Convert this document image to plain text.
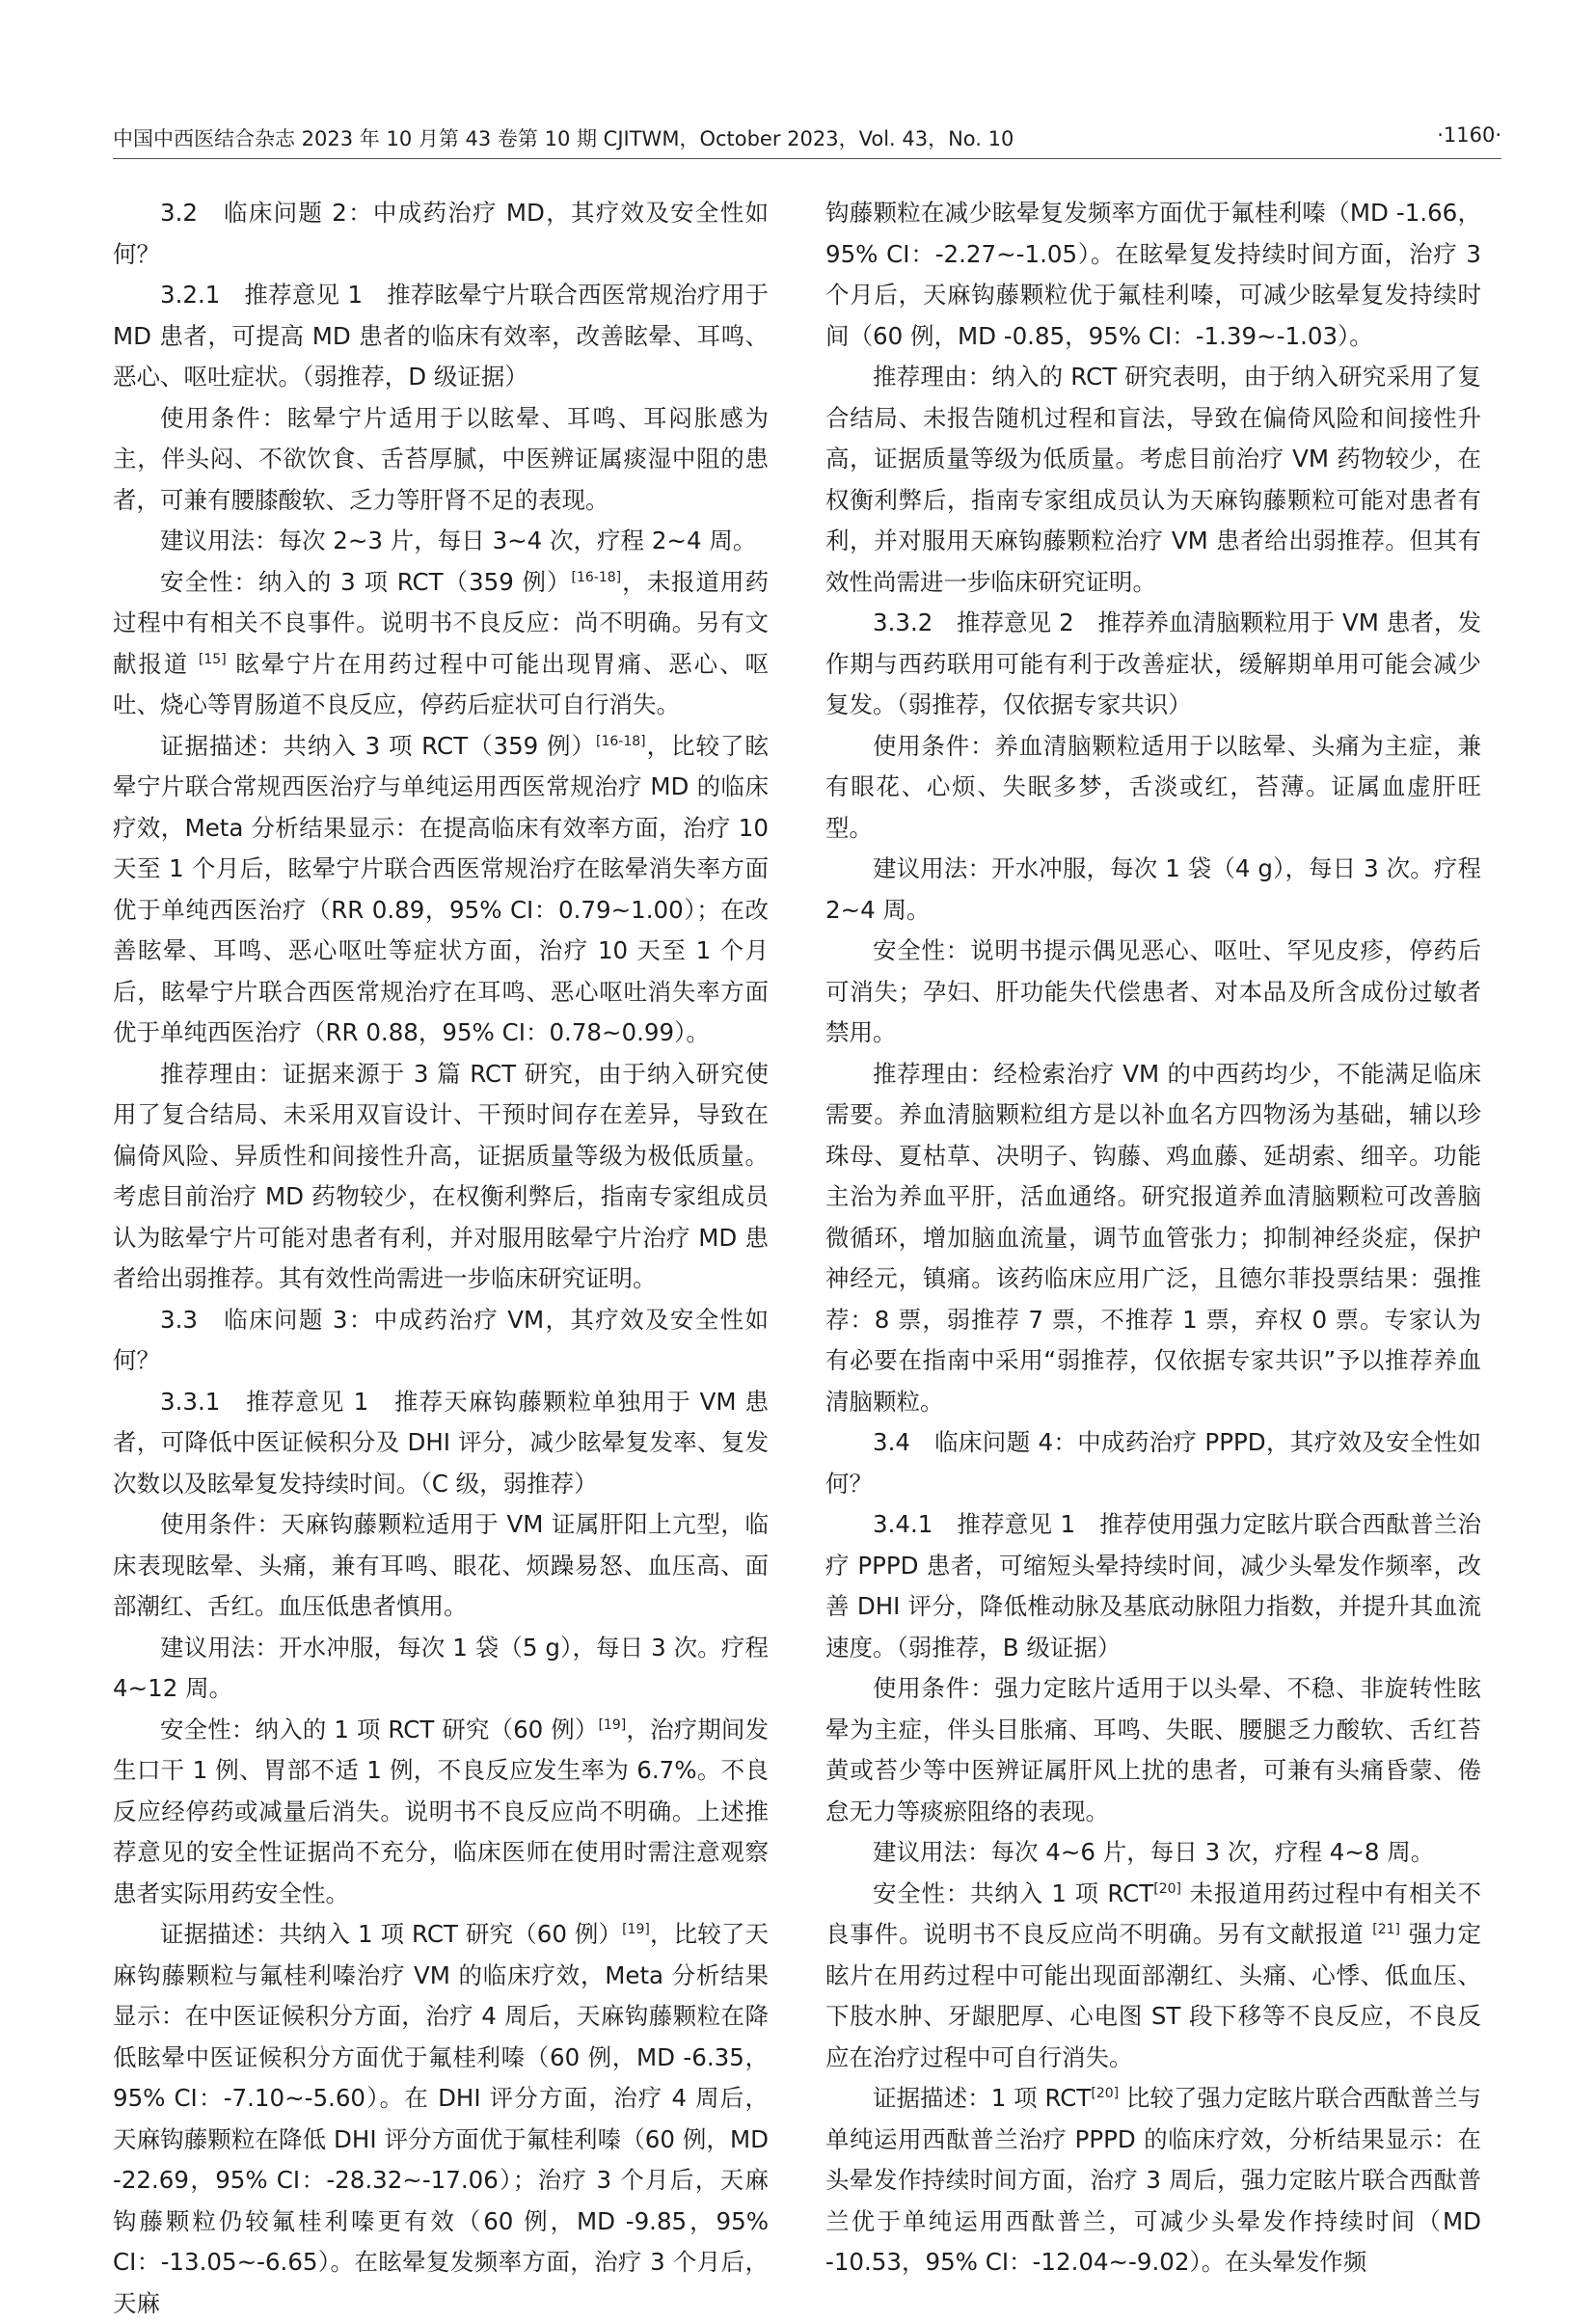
中国中西医结合杂志 2023 年 10 月第 43 卷第 10 期 CJITWM，October 2023，Vol. 43，No. 10	·1160·

3.2　临床问题 2：中成药治疗 MD，其疗效及安全性如何？

3.2.1　推荐意见 1　推荐眩晕宁片联合西医常规治疗用于 MD 患者，可提高 MD 患者的临床有效率，改善眩晕、耳鸣、恶心、呕吐症状。（弱推荐，D 级证据）

使用条件：眩晕宁片适用于以眩晕、耳鸣、耳闷胀感为主，伴头闷、不欲饮食、舌苔厚腻，中医辨证属痰湿中阻的患者，可兼有腰膝酸软、乏力等肝肾不足的表现。

建议用法：每次 2~3 片，每日 3~4 次，疗程 2~4 周。

安全性：纳入的 3 项 RCT（359 例）[16-18]，未报道用药过程中有相关不良事件。说明书不良反应：尚不明确。另有文献报道 [15] 眩晕宁片在用药过程中可能出现胃痛、恶心、呕吐、烧心等胃肠道不良反应，停药后症状可自行消失。

证据描述：共纳入 3 项 RCT（359 例）[16-18]，比较了眩晕宁片联合常规西医治疗与单纯运用西医常规治疗 MD 的临床疗效，Meta 分析结果显示：在提高临床有效率方面，治疗 10 天至 1 个月后，眩晕宁片联合西医常规治疗在眩晕消失率方面优于单纯西医治疗（RR 0.89，95% CI：0.79~1.00）；在改善眩晕、耳鸣、恶心呕吐等症状方面，治疗 10 天至 1 个月后，眩晕宁片联合西医常规治疗在耳鸣、恶心呕吐消失率方面优于单纯西医治疗（RR 0.88，95% CI：0.78~0.99）。

推荐理由：证据来源于 3 篇 RCT 研究，由于纳入研究使用了复合结局、未采用双盲设计、干预时间存在差异，导致在偏倚风险、异质性和间接性升高，证据质量等级为极低质量。考虑目前治疗 MD 药物较少，在权衡利弊后，指南专家组成员认为眩晕宁片可能对患者有利，并对服用眩晕宁片治疗 MD 患者给出弱推荐。其有效性尚需进一步临床研究证明。

3.3　临床问题 3：中成药治疗 VM，其疗效及安全性如何？

3.3.1　推荐意见 1　推荐天麻钩藤颗粒单独用于 VM 患者，可降低中医证候积分及 DHI 评分，减少眩晕复发率、复发次数以及眩晕复发持续时间。（C 级，弱推荐）

使用条件：天麻钩藤颗粒适用于 VM 证属肝阳上亢型，临床表现眩晕、头痛，兼有耳鸣、眼花、烦躁易怒、血压高、面部潮红、舌红。血压低患者慎用。

建议用法：开水冲服，每次 1 袋（5 g），每日 3 次。疗程 4~12 周。

安全性：纳入的 1 项 RCT 研究（60 例）[19]，治疗期间发生口干 1 例、胃部不适 1 例，不良反应发生率为 6.7%。不良反应经停药或减量后消失。说明书不良反应尚不明确。上述推荐意见的安全性证据尚不充分，临床医师在使用时需注意观察患者实际用药安全性。

证据描述：共纳入 1 项 RCT 研究（60 例）[19]，比较了天麻钩藤颗粒与氟桂利嗪治疗 VM 的临床疗效，Meta 分析结果显示：在中医证候积分方面，治疗 4 周后，天麻钩藤颗粒在降低眩晕中医证候积分方面优于氟桂利嗪（60 例，MD -6.35，95% CI：-7.10~-5.60）。在 DHI 评分方面，治疗 4 周后，天麻钩藤颗粒在降低 DHI 评分方面优于氟桂利嗪（60 例，MD -22.69，95% CI：-28.32~-17.06）；治疗 3 个月后，天麻钩藤颗粒仍较氟桂利嗪更有效（60 例，MD -9.85，95% CI：-13.05~-6.65）。在眩晕复发频率方面，治疗 3 个月后，天麻

钩藤颗粒在减少眩晕复发频率方面优于氟桂利嗪（MD -1.66，95% CI：-2.27~-1.05）。在眩晕复发持续时间方面，治疗 3 个月后，天麻钩藤颗粒优于氟桂利嗪，可减少眩晕复发持续时间（60 例，MD -0.85，95% CI：-1.39~-1.03）。

推荐理由：纳入的 RCT 研究表明，由于纳入研究采用了复合结局、未报告随机过程和盲法，导致在偏倚风险和间接性升高，证据质量等级为低质量。考虑目前治疗 VM 药物较少，在权衡利弊后，指南专家组成员认为天麻钩藤颗粒可能对患者有利，并对服用天麻钩藤颗粒治疗 VM 患者给出弱推荐。但其有效性尚需进一步临床研究证明。

3.3.2　推荐意见 2　推荐养血清脑颗粒用于 VM 患者，发作期与西药联用可能有利于改善症状，缓解期单用可能会减少复发。（弱推荐，仅依据专家共识）

使用条件：养血清脑颗粒适用于以眩晕、头痛为主症，兼有眼花、心烦、失眠多梦，舌淡或红，苔薄。证属血虚肝旺型。

建议用法：开水冲服，每次 1 袋（4 g），每日 3 次。疗程 2~4 周。

安全性：说明书提示偶见恶心、呕吐、罕见皮疹，停药后可消失；孕妇、肝功能失代偿患者、对本品及所含成份过敏者禁用。

推荐理由：经检索治疗 VM 的中西药均少，不能满足临床需要。养血清脑颗粒组方是以补血名方四物汤为基础，辅以珍珠母、夏枯草、决明子、钩藤、鸡血藤、延胡索、细辛。功能主治为养血平肝，活血通络。研究报道养血清脑颗粒可改善脑微循环，增加脑血流量，调节血管张力；抑制神经炎症，保护神经元，镇痛。该药临床应用广泛，且德尔菲投票结果：强推荐：8 票，弱推荐 7 票，不推荐 1 票，弃权 0 票。专家认为有必要在指南中采用“弱推荐，仅依据专家共识”予以推荐养血清脑颗粒。

3.4　临床问题 4：中成药治疗 PPPD，其疗效及安全性如何？

3.4.1　推荐意见 1　推荐使用强力定眩片联合西酞普兰治疗 PPPD 患者，可缩短头晕持续时间，减少头晕发作频率，改善 DHI 评分，降低椎动脉及基底动脉阻力指数，并提升其血流速度。（弱推荐，B 级证据）

使用条件：强力定眩片适用于以头晕、不稳、非旋转性眩晕为主症，伴头目胀痛、耳鸣、失眠、腰腿乏力酸软、舌红苔黄或苔少等中医辨证属肝风上扰的患者，可兼有头痛昏蒙、倦怠无力等痰瘀阻络的表现。

建议用法：每次 4~6 片，每日 3 次，疗程 4~8 周。

安全性：共纳入 1 项 RCT[20] 未报道用药过程中有相关不良事件。说明书不良反应尚不明确。另有文献报道 [21] 强力定眩片在用药过程中可能出现面部潮红、头痛、心悸、低血压、下肢水肿、牙龈肥厚、心电图 ST 段下移等不良反应，不良反应在治疗过程中可自行消失。

证据描述：1 项 RCT[20] 比较了强力定眩片联合西酞普兰与单纯运用西酞普兰治疗 PPPD 的临床疗效，分析结果显示：在头晕发作持续时间方面，治疗 3 周后，强力定眩片联合西酞普兰优于单纯运用西酞普兰，可减少头晕发作持续时间（MD -10.53，95% CI：-12.04~-9.02）。在头晕发作频
